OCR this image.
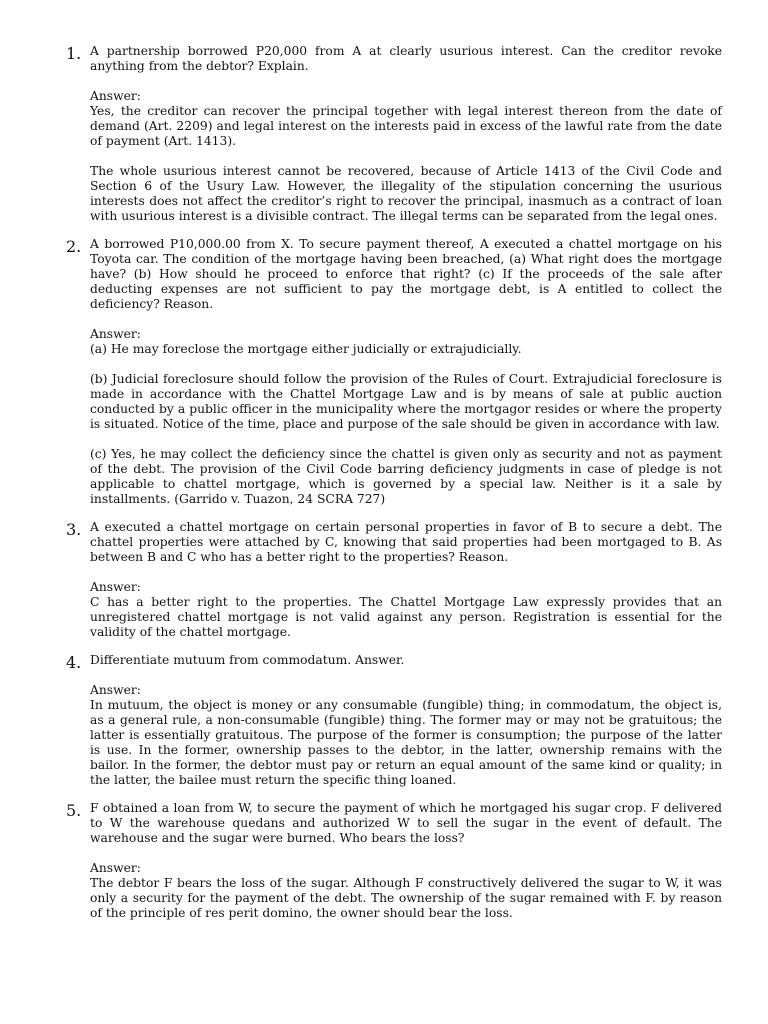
1. A partnership borrowed P20,000 from A at clearly usurious interest. Can the creditor revoke anything from the debtor? Explain.

Answer:

Yes, the creditor can recover the principal together with legal interest thereon from the date of demand (Art. 2209) and legal interest on the interests paid in excess of the lawful rate from the date of payment (Art. 1413).

The whole usurious interest cannot be recovered, because of Article 1413 of the Civil Code and Section 6 of the Usury Law. However, the illegality of the stipulation concerning the usurious interests does not affect the creditor’s right to recover the principal, inasmuch as a contract of loan with usurious interest is a divisible contract. The illegal terms can be separated from the legal ones.

2. A borrowed P10,000.00 from X. To secure payment thereof, A executed a chattel mortgage on his Toyota car. The condition of the mortgage having been breached, (a) What right does the mortgage have? (b) How should he proceed to enforce that right? (c) If the proceeds of the sale after deducting expenses are not sufficient to pay the mortgage debt, is A entitled to collect the deficiency? Reason.

Answer:

(a) He may foreclose the mortgage either judicially or extrajudicially.

(b) Judicial foreclosure should follow the provision of the Rules of Court. Extrajudicial foreclosure is made in accordance with the Chattel Mortgage Law and is by means of sale at public auction conducted by a public officer in the municipality where the mortgagor resides or where the property is situated. Notice of the time, place and purpose of the sale should be given in accordance with law.

(c) Yes, he may collect the deficiency since the chattel is given only as security and not as payment of the debt. The provision of the Civil Code barring deficiency judgments in case of pledge is not applicable to chattel mortgage, which is governed by a special law. Neither is it a sale by installments. (Garrido v. Tuazon, 24 SCRA 727)

3. A executed a chattel mortgage on certain personal properties in favor of B to secure a debt. The chattel properties were attached by C, knowing that said properties had been mortgaged to B. As between B and C who has a better right to the properties? Reason.

Answer:

C has a better right to the properties. The Chattel Mortgage Law expressly provides that an unregistered chattel mortgage is not valid against any person. Registration is essential for the validity of the chattel mortgage.

4. Differentiate mutuum from commodatum. Answer.

Answer:

In mutuum, the object is money or any consumable (fungible) thing; in commodatum, the object is, as a general rule, a non-consumable (fungible) thing. The former may or may not be gratuitous; the latter is essentially gratuitous. The purpose of the former is consumption; the purpose of the latter is use. In the former, ownership passes to the debtor, in the latter, ownership remains with the bailor. In the former, the debtor must pay or return an equal amount of the same kind or quality; in the latter, the bailee must return the specific thing loaned.

5. F obtained a loan from W, to secure the payment of which he mortgaged his sugar crop. F delivered to W the warehouse quedans and authorized W to sell the sugar in the event of default. The warehouse and the sugar were burned. Who bears the loss?

Answer:

The debtor F bears the loss of the sugar. Although F constructively delivered the sugar to W, it was only a security for the payment of the debt. The ownership of the sugar remained with F. by reason of the principle of res perit domino, the owner should bear the loss.
